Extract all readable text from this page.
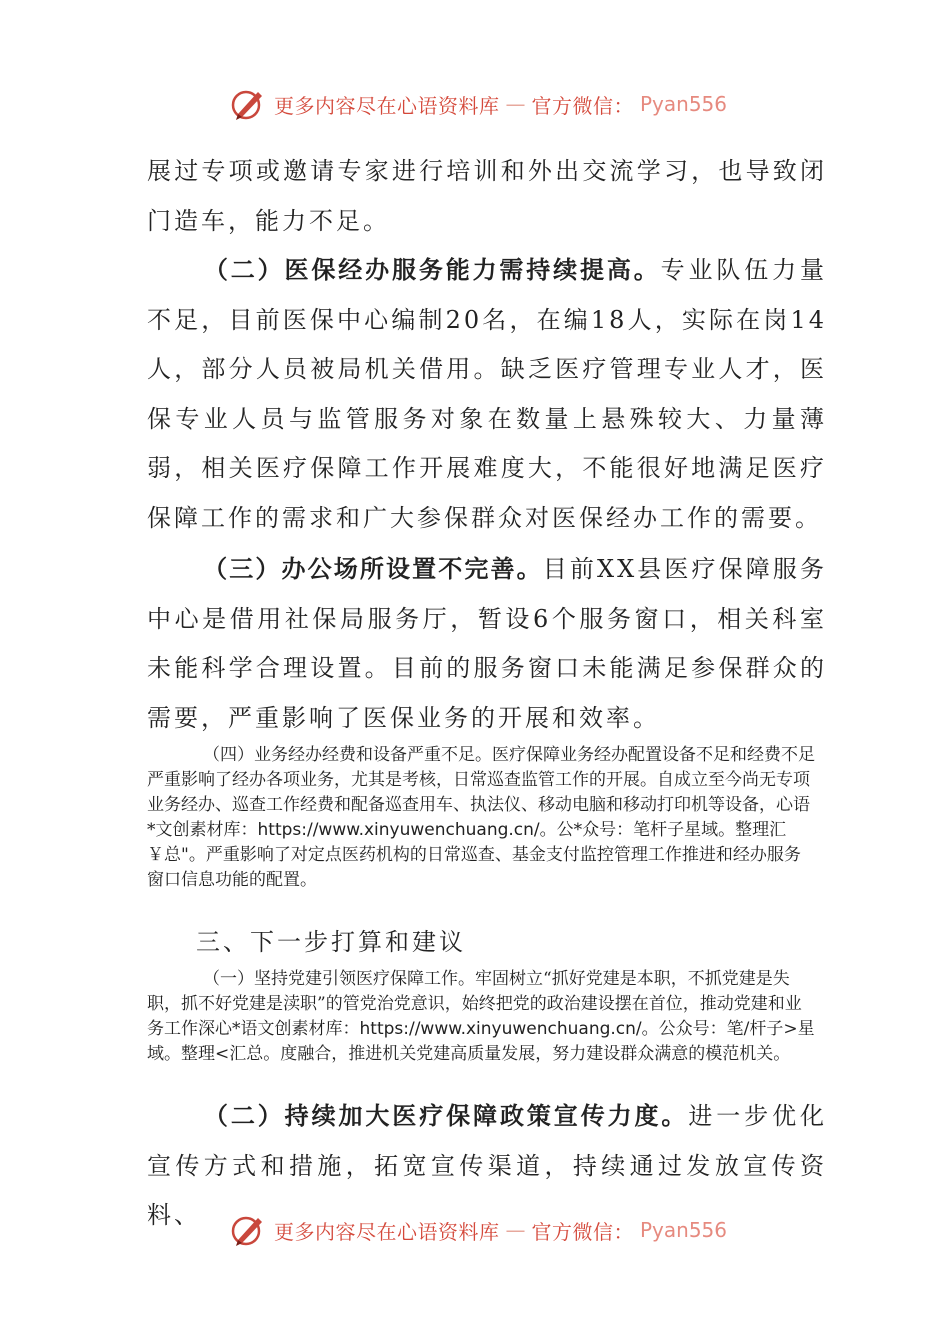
更多内容尽在心语资料库 — 官方微信： Pyan556

展过专项或邀请专家进行培训和外出交流学习，也导致闭门造车，能力不足。

（二）医保经办服务能力需持续提高。专业队伍力量不足，目前医保中心编制20名，在编18人，实际在岗14人，部分人员被局机关借用。缺乏医疗管理专业人才，医保专业人员与监管服务对象在数量上悬殊较大、力量薄弱，相关医疗保障工作开展难度大，不能很好地满足医疗保障工作的需求和广大参保群众对医保经办工作的需要。

（三）办公场所设置不完善。目前XX县医疗保障服务中心是借用社保局服务厅，暂设6个服务窗口，相关科室未能科学合理设置。目前的服务窗口未能满足参保群众的需要，严重影响了医保业务的开展和效率。

（四）业务经办经费和设备严重不足。医疗保障业务经办配置设备不足和经费不足严重影响了经办各项业务，尤其是考核，日常巡查监管工作的开展。自成立至今尚无专项业务经办、巡查工作经费和配备巡查用车、执法仪、移动电脑和移动打印机等设备，心语*文创素材库：https://www.xinyuwenchuang.cn/。公*众号：笔杆子星域。整理汇￥总"。严重影响了对定点医药机构的日常巡查、基金支付监控管理工作推进和经办服务窗口信息功能的配置。

三、下一步打算和建议

（一）坚持党建引领医疗保障工作。牢固树立“抓好党建是本职，不抓党建是失职，抓不好党建是渎职”的管党治党意识，始终把党的政治建设摆在首位，推动党建和业务工作深心*语文创素材库：https://www.xinyuwenchuang.cn/。公众号：笔/杆子>星域。整理<汇总。度融合，推进机关党建高质量发展，努力建设群众满意的模范机关。

（二）持续加大医疗保障政策宣传力度。进一步优化宣传方式和措施，拓宽宣传渠道，持续通过发放宣传资料、

更多内容尽在心语资料库 — 官方微信： Pyan556
